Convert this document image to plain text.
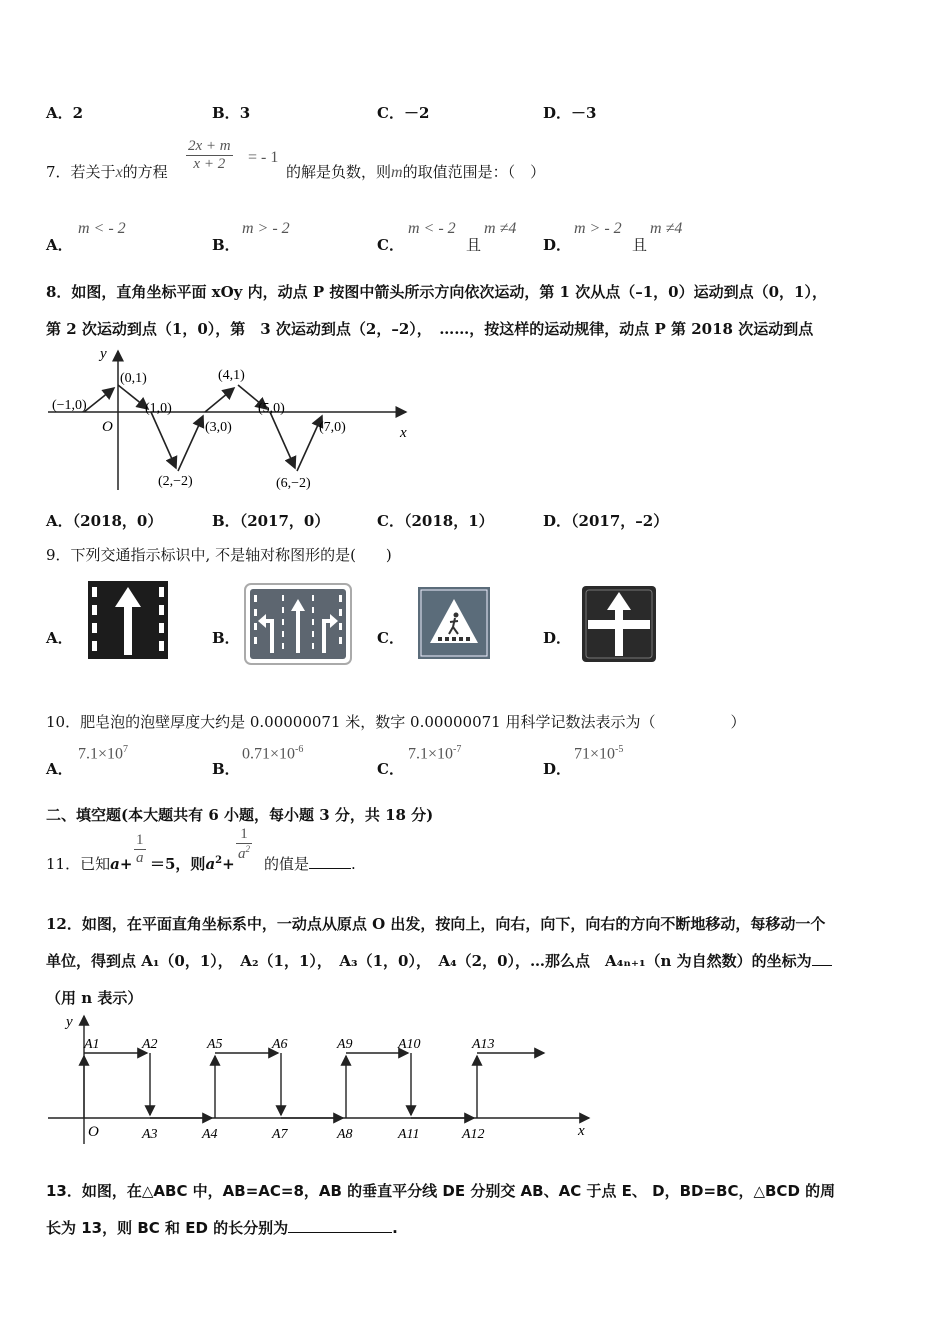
A．2	B．3	C．－2	D．－3
7．若关于x的方程 $\frac{2x + m}{x + 2}$ = - 1
的解是负数，则m的取值范围是：（　）
A．
m < - 2
B．
m > - 2
C．
m < - 2
且
m ≠4
D．
m > - 2
且
m ≠4
8．如图，直角坐标平面 xOy 内，动点 P 按图中箭头所示方向依次运动，第 1 次从点（–1，0）运动到点（0，1），
第 2 次运动到点（1，0），第　3 次运动到点（2，–2），　……，按这样的运动规律，动点 P 第 2018 次运动到点
y
x
O
(−1,0)
(0,1)
(1,0)
(2,−2)
(3,0)
(4,1)
(5,0)
(6,−2)
(7,0)
A．（2018，0）	B．（2017，0）	C．（2018，1）	D．（2017，–2）
9．下列交通指示标识中, 不是轴对称图形的是(　　)
A．	B．	C．	D．
10．肥皂泡的泡壁厚度大约是 0.00000071 米，数字 0.00000071 用科学记数法表示为（　　　　　）
A．
$7.1\times 10^7$
B．
$0.71\times 10^{-6}$
C．
$7.1\times 10^{-7}$
D．
$71\times 10^{-5}$
二、填空题(本大题共有 6 小题，每小题 3 分，共 18 分)
11．已知$a+ \frac{1}{a} =5$，则$a^2+$
$\frac{1}{a^2}$
的值是	.
12．如图，在平面直角坐标系中，一动点从原点 O 出发，按向上，向右，向下，向右的方向不断地移动，每移动一个
单位，得到点 A₁（0，1），　A₂（1，1），　A₃（1，0），　A₄（2，0），…那么点　A₄ₙ₊₁（n 为自然数）的坐标为
（用 n 表示）
y
x
O
A1	A2	A5	A6	A9	A10	A13
A3	A4	A7	A8	A11	A12
13．如图，在△ABC 中，AB=AC=8，AB 的垂直平分线 DE 分别交 AB、AC 于点 E、 D，BD=BC，△BCD 的周
长为 13，则 BC 和 ED 的长分别为	.
